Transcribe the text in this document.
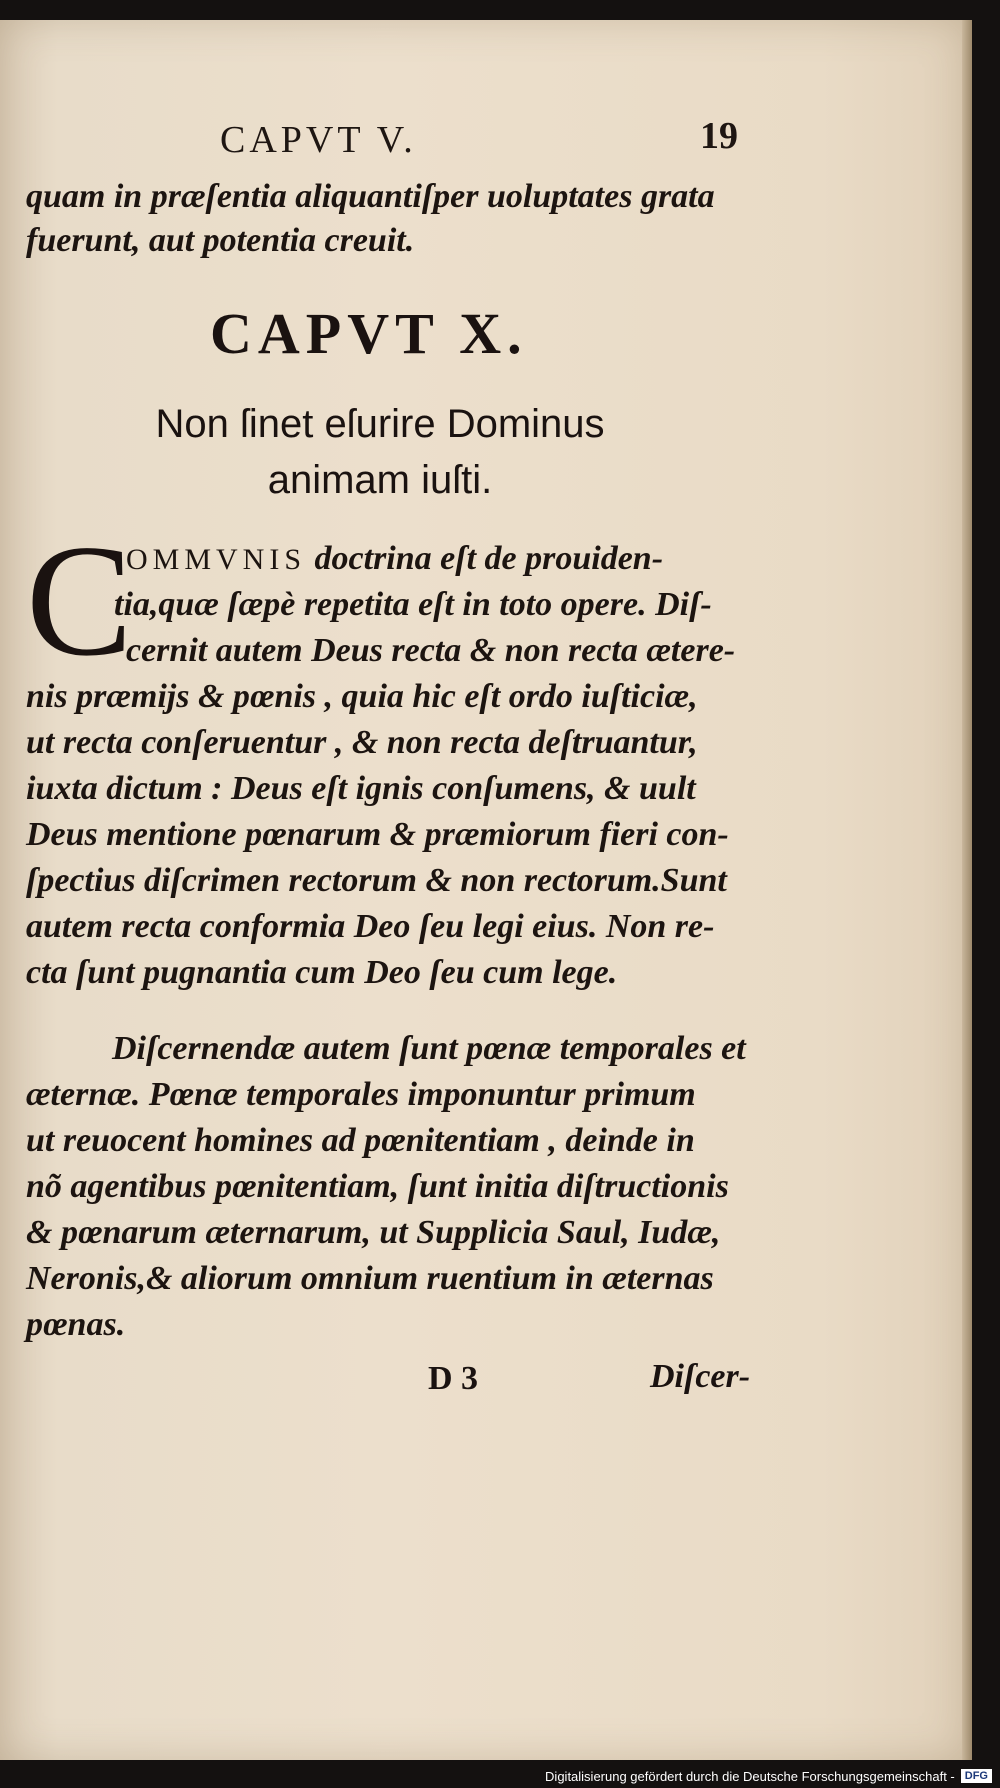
CAPVT V.	19
quam in præſentia aliquantiſper uoluptates grata
fuerunt, aut potentia creuit.
CAPVT X.
Non ſinet eſurire Dominus
animam iuſti.
C
OMMVNIS doctrina eſt de prouiden-
tia,quæ ſæpè repetita eſt in toto opere. Diſ-
cernit autem Deus recta & non recta ætere-
nis præmijs & pœnis , quia hic eſt ordo iuſticiæ,
ut recta conſeruentur , & non recta deſtruantur,
iuxta dictum : Deus eſt ignis conſumens, & uult
Deus mentione pœnarum & præmiorum fieri con-
ſpectius diſcrimen rectorum & non rectorum.Sunt
autem recta conformia Deo ſeu legi eius. Non re-
cta ſunt pugnantia cum Deo ſeu cum lege.
Diſcernendæ autem ſunt pœnæ temporales et
æternæ. Pœnæ temporales imponuntur primum
ut reuocent homines ad pœnitentiam , deinde in
nõ agentibus pœnitentiam, ſunt initia diſtructionis
& pœnarum æternarum, ut Supplicia Saul, Iudæ,
Neronis,& aliorum omnium ruentium in æternas
pœnas.
D 3	Diſcer-
Digitalisierung gefördert durch die Deutsche Forschungsgemeinschaft - DFG
